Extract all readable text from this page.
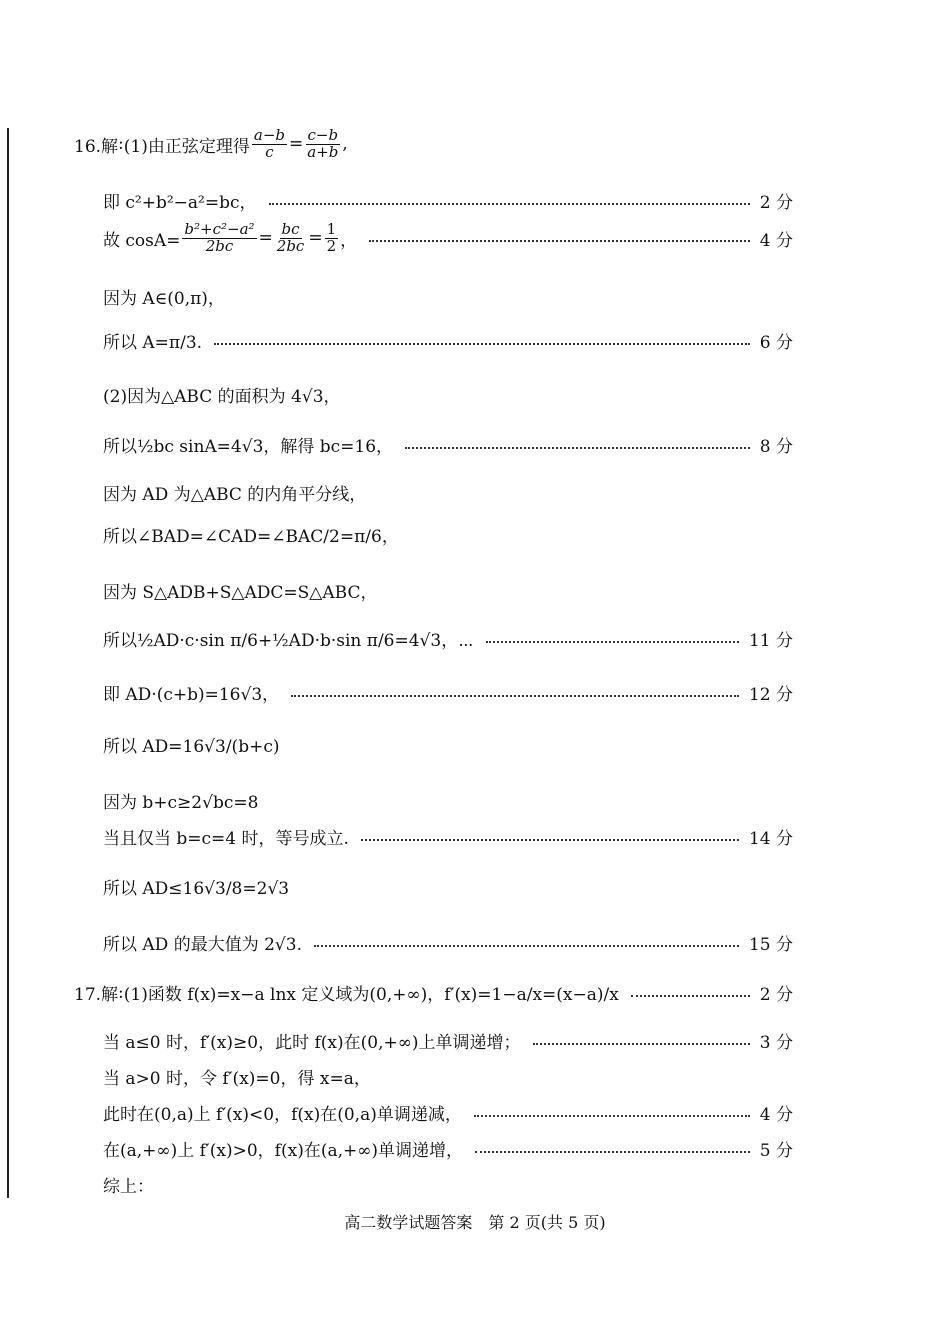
16.解 : (1)由正弦定理得 $\frac{a-b}{c} = \frac{c-b}{a+b}$ ,
即 c²+b²−a²=bc，	2 分
故 $\cos A= \frac{\text{b²+c²−a²}}{2bc} = \frac{bc}{2bc} = \frac{1}{2}$ ，	4 分
因为 A∈(0,π)，
所以 A=π/3.	6 分
(2)因为△ABC 的面积为 4√3，
所以½bc sinA=4√3，解得 bc=16，	8 分
因为 AD 为△ABC 的内角平分线，
所以∠BAD=∠CAD=∠BAC/2=π/6，
因为 S△ADB+S△ADC=S△ABC，
所以½AD·c·sin π/6+½AD·b·sin π/6=4√3，⋯	11 分
即 AD·(c+b)=16√3，	12 分
所以 AD=16√3/(b+c)
因为 b+c≥2√bc=8
当且仅当 b=c=4 时，等号成立.	14 分
所以 AD≤16√3/8=2√3
所以 AD 的最大值为 2√3.	15 分
17.解 : (1)函数 f(x)=x−a lnx 定义域为(0,+∞)，f′(x)=1−a/x=(x−a)/x	2 分
当 a≤0 时，f′(x)≥0，此时 f(x)在(0,+∞)上单调递增；	3 分
当 a>0 时，令 f′(x)=0，得 x=a，
此时在(0,a)上 f′(x)<0，f(x)在(0,a)单调递减，	4 分
在(a,+∞)上 f′(x)>0，f(x)在(a,+∞)单调递增，	5 分
综上：
高二数学试题答案　第 2 页(共 5 页)
